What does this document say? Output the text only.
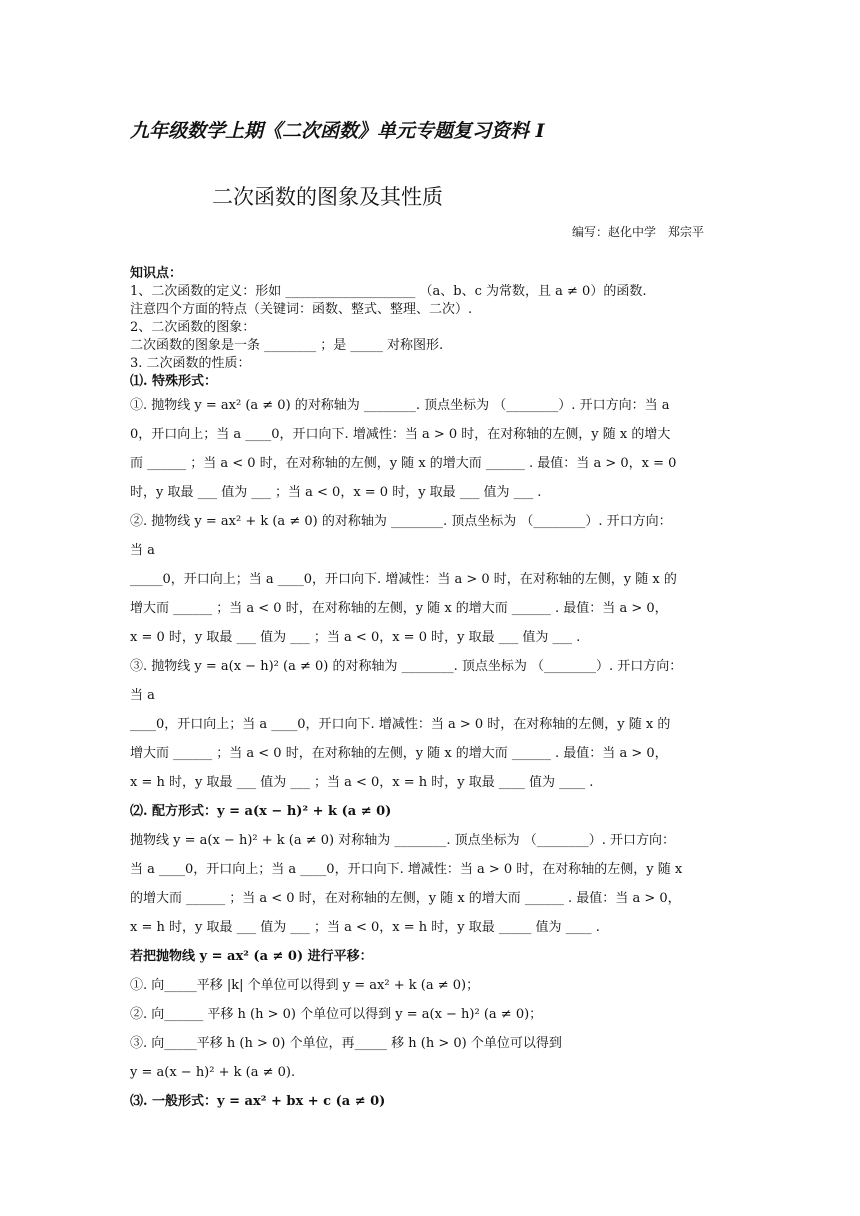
九年级数学上期《二次函数》单元专题复习资料 Ⅰ
二次函数的图象及其性质
编写：赵化中学　郑宗平
知识点：
1、二次函数的定义：形如 ____________________ （a、b、c 为常数，且 a ≠ 0）的函数.
注意四个方面的特点（关键词：函数、整式、整理、二次）.
2、二次函数的图象：
二次函数的图象是一条 ________ ；是 _____ 对称图形.
3. 二次函数的性质：
⑴. 特殊形式：
①. 抛物线 y = ax² (a ≠ 0) 的对称轴为 ________. 顶点坐标为 （________）. 开口方向：当 a
0，开口向上；当 a ____0，开口向下. 增减性：当 a > 0 时，在对称轴的左侧，y 随 x 的增大
而 ______ ；当 a < 0 时，在对称轴的左侧，y 随 x 的增大而 ______ . 最值：当 a > 0，x = 0
时，y 取最 ___ 值为 ___ ；当 a < 0，x = 0 时，y 取最 ___ 值为 ___ .
②. 抛物线 y = ax² + k (a ≠ 0) 的对称轴为 ________. 顶点坐标为 （________）. 开口方向：
当 a
_____0，开口向上；当 a ____0，开口向下. 增减性：当 a > 0 时，在对称轴的左侧，y 随 x 的
增大而 ______ ；当 a < 0 时，在对称轴的左侧，y 随 x 的增大而 ______ . 最值：当 a > 0，
x = 0 时，y 取最 ___ 值为 ___ ；当 a < 0，x = 0 时，y 取最 ___ 值为 ___ .
③. 抛物线 y = a(x − h)² (a ≠ 0) 的对称轴为 ________. 顶点坐标为 （________）. 开口方向：
当 a
____0，开口向上；当 a ____0，开口向下. 增减性：当 a > 0 时，在对称轴的左侧，y 随 x 的
增大而 ______ ；当 a < 0 时，在对称轴的左侧，y 随 x 的增大而 ______ . 最值：当 a > 0，
x = h 时，y 取最 ___ 值为 ___ ；当 a < 0，x = h 时，y 取最 ____ 值为 ____ .
⑵. 配方形式：y = a(x − h)² + k (a ≠ 0)
抛物线 y = a(x − h)² + k (a ≠ 0) 对称轴为 ________. 顶点坐标为 （________）. 开口方向：
当 a ____0，开口向上；当 a ____0，开口向下. 增减性：当 a > 0 时，在对称轴的左侧，y 随 x
的增大而 ______ ；当 a < 0 时，在对称轴的左侧，y 随 x 的增大而 ______ . 最值：当 a > 0，
x = h 时，y 取最 ___ 值为 ___ ；当 a < 0，x = h 时，y 取最 _____ 值为 ____ .
若把抛物线 y = ax² (a ≠ 0) 进行平移：
①. 向_____平移 |k| 个单位可以得到 y = ax² + k (a ≠ 0)；
②. 向______ 平移 h (h > 0) 个单位可以得到 y = a(x − h)² (a ≠ 0)；
③. 向_____平移 h (h > 0) 个单位，再_____ 移 h (h > 0) 个单位可以得到
y = a(x − h)² + k (a ≠ 0).
⑶. 一般形式：y = ax² + bx + c (a ≠ 0)
